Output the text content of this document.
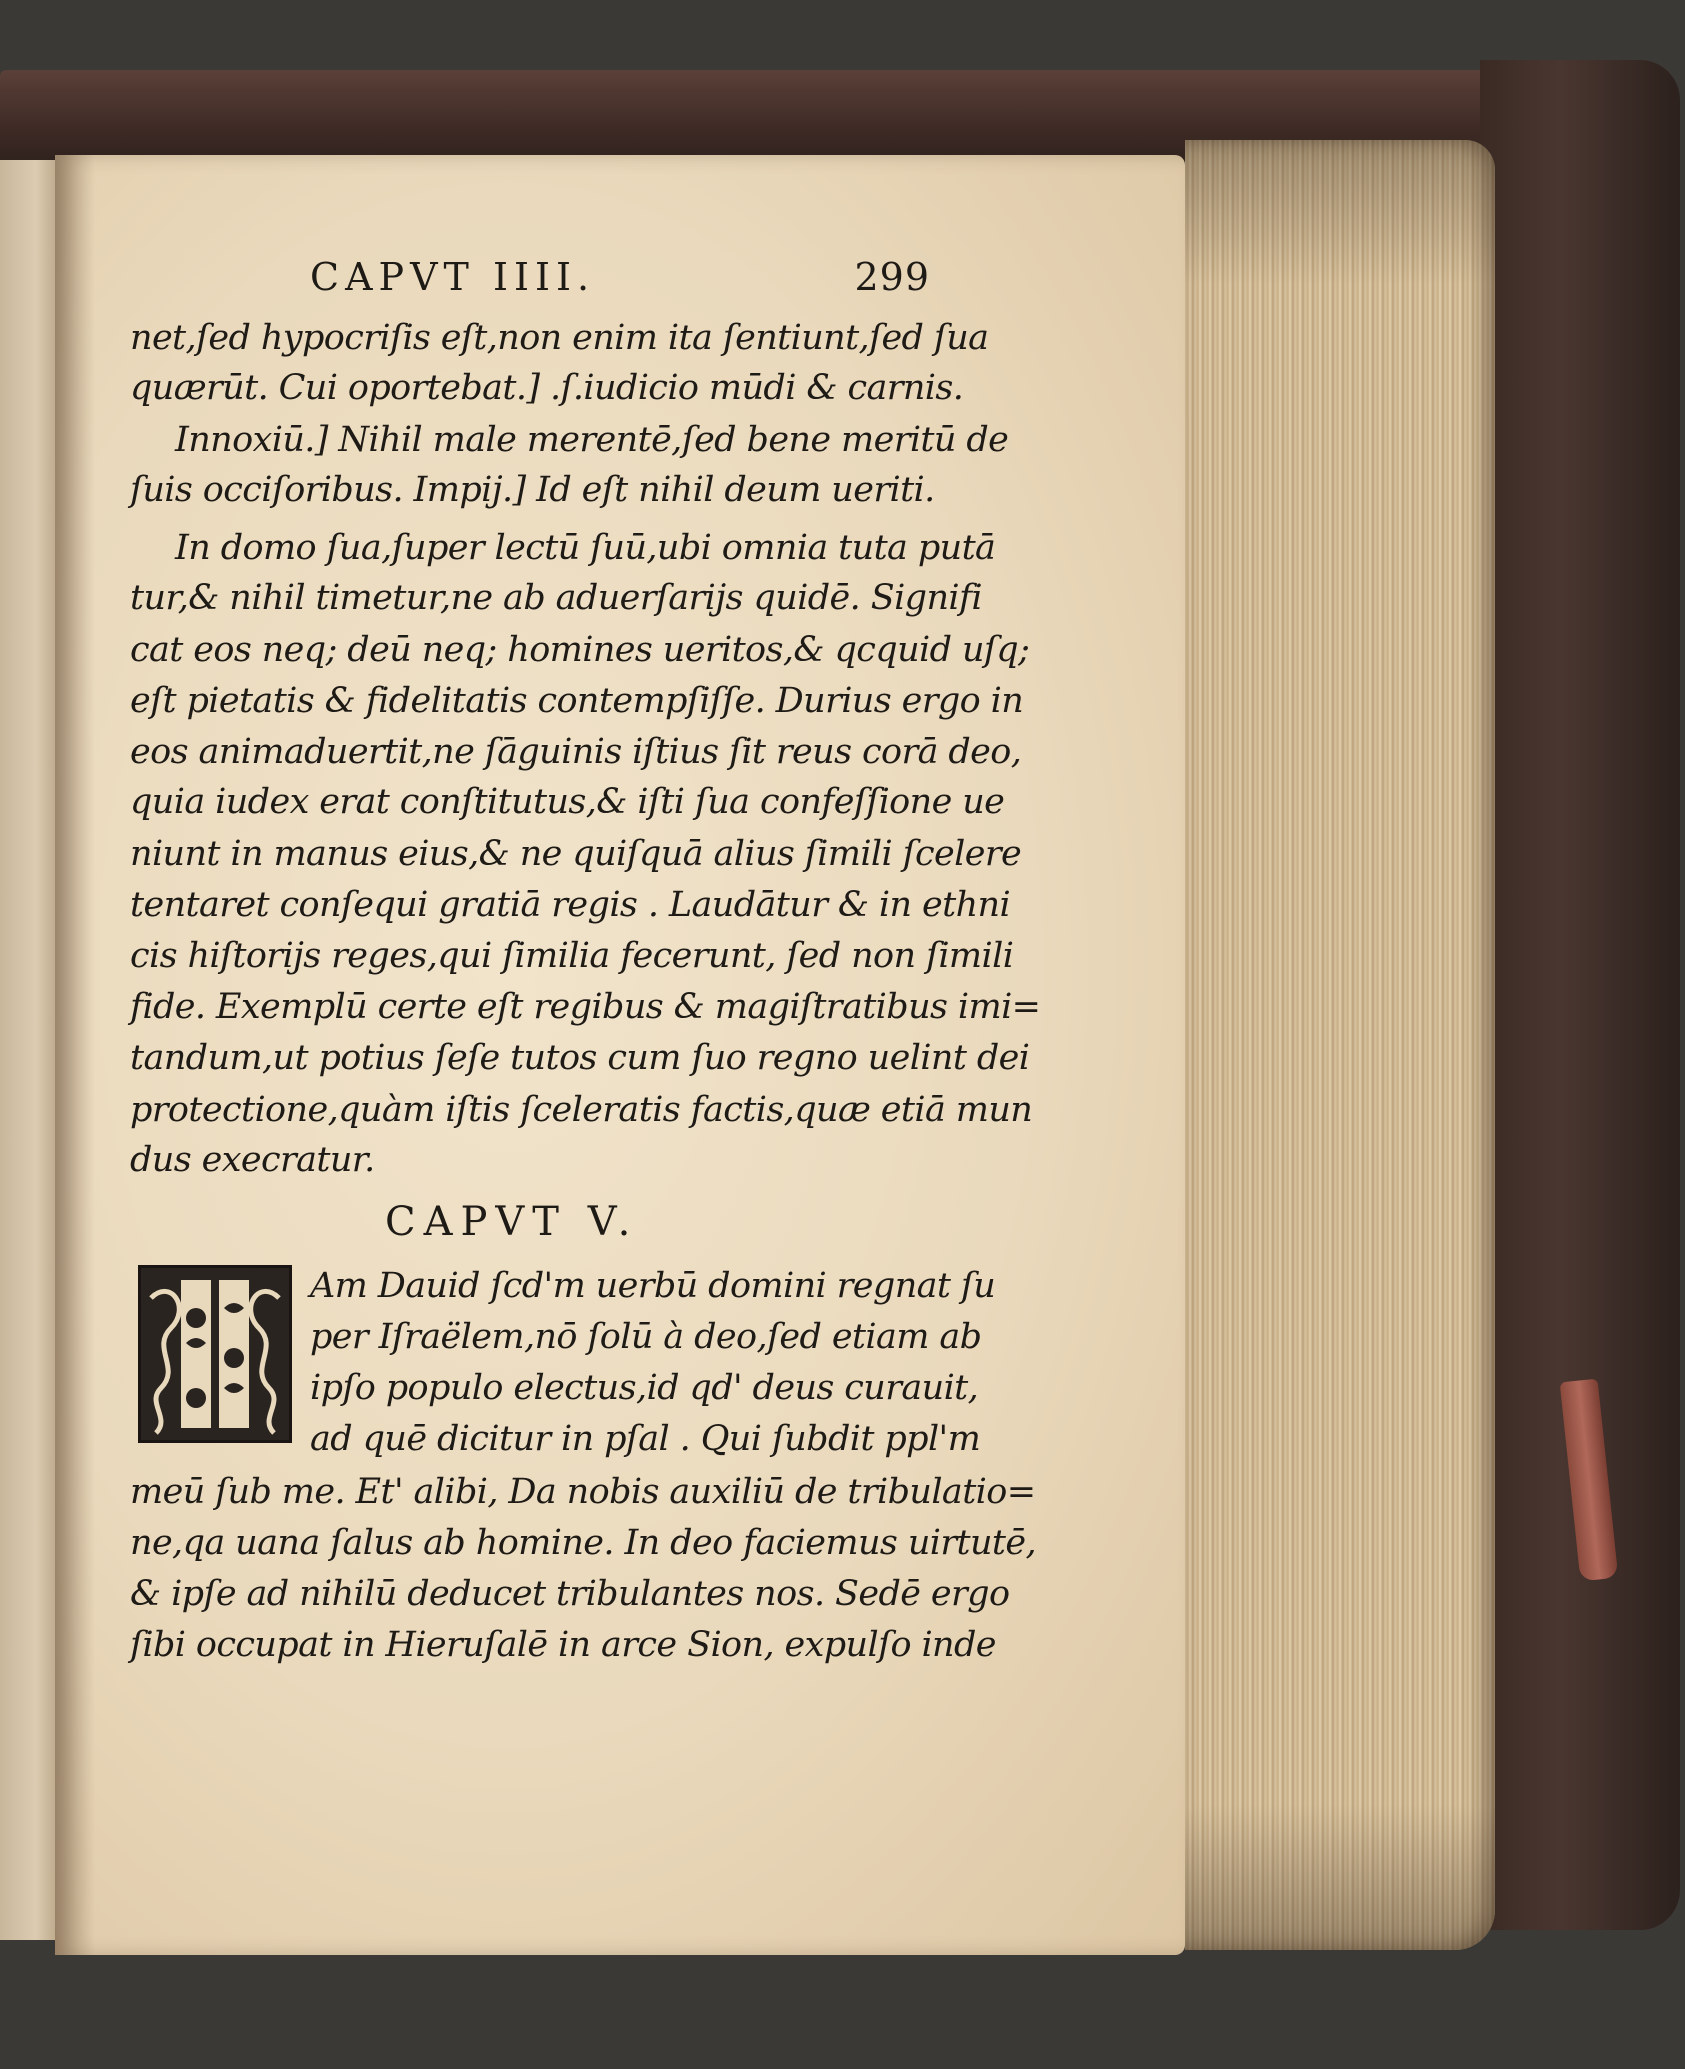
CAPVT IIII.	299
net,ſed hypocriſis eſt,non enim ita ſentiunt,ſed ſua
quærūt. Cui oportebat.] .ſ.iudicio mūdi & carnis.
Innoxiū.] Nihil male merentē,ſed bene meritū de
ſuis occiſoribus. Impij.] Id eſt nihil deum ueriti.
In domo ſua,ſuper lectū ſuū,ubi omnia tuta putā
tur,& nihil timetur,ne ab aduerſarijs quidē. Signifi
cat eos neq; deū neq; homines ueritos,& qcquid uſq;
eſt pietatis & fidelitatis contempſiſſe. Durius ergo in
eos animaduertit,ne ſāguinis iſtius ſit reus corā deo,
quia iudex erat conſtitutus,& iſti ſua confeſſione ue
niunt in manus eius,& ne quiſquā alius ſimili ſcelere
tentaret conſequi gratiā regis . Laudātur & in ethni
cis hiſtorijs reges,qui ſimilia fecerunt, ſed non ſimili
fide. Exemplū certe eſt regibus & magiſtratibus imi=
tandum,ut potius ſeſe tutos cum ſuo regno uelint dei
protectione,quàm iſtis ſceleratis factis,quæ etiā mun
dus execratur.
CAPVT V.
Am Dauid ſcd'm uerbū domini regnat ſu
per Iſraëlem,nō ſolū à deo,ſed etiam ab
ipſo populo electus,id qd' deus curauit,
ad quē dicitur in pſal . Qui ſubdit ppl'm
meū ſub me. Et' alibi, Da nobis auxiliū de tribulatio=
ne,qa uana ſalus ab homine. In deo faciemus uirtutē,
& ipſe ad nihilū deducet tribulantes nos. Sedē ergo
ſibi occupat in Hieruſalē in arce Sion, expulſo inde
